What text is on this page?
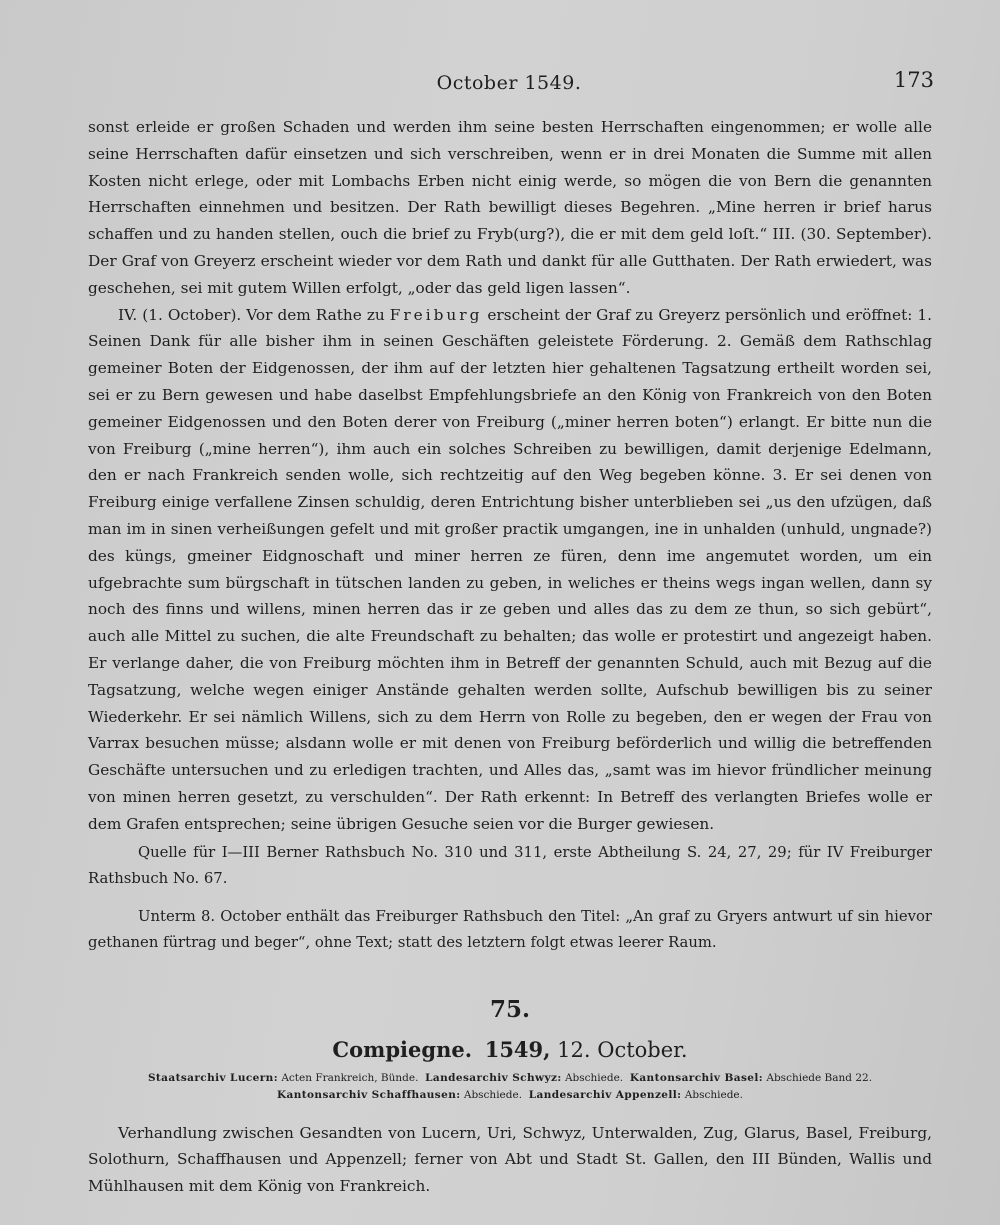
October 1549.	173

sonst erleide er großen Schaden und werden ihm seine besten Herrschaften eingenommen; er wolle alle seine Herrschaften dafür einsetzen und sich verschreiben, wenn er in drei Monaten die Summe mit allen Kosten nicht erlege, oder mit Lombachs Erben nicht einig werde, so mögen die von Bern die genannten Herrschaften einnehmen und besitzen. Der Rath bewilligt dieses Begehren. „Mine herren ir brief harus schaffen und zu handen stellen, ouch die brief zu Fryb(urg?), die er mit dem geld loſt.“ III. (30. September). Der Graf von Greyerz erscheint wieder vor dem Rath und dankt für alle Gutthaten. Der Rath erwiedert, was geschehen, sei mit gutem Willen erfolgt, „oder das geld ligen lassen“.

IV. (1. October). Vor dem Rathe zu Freiburg erscheint der Graf zu Greyerz persönlich und eröffnet: 1. Seinen Dank für alle bisher ihm in seinen Geschäften geleistete Förderung. 2. Gemäß dem Rathschlag gemeiner Boten der Eidgenossen, der ihm auf der letzten hier gehaltenen Tagsatzung ertheilt worden sei, sei er zu Bern gewesen und habe daselbst Empfehlungsbriefe an den König von Frankreich von den Boten gemeiner Eidgenossen und den Boten derer von Freiburg („miner herren boten“) erlangt. Er bitte nun die von Freiburg („mine herren“), ihm auch ein solches Schreiben zu bewilligen, damit derjenige Edelmann, den er nach Frankreich senden wolle, sich rechtzeitig auf den Weg begeben könne. 3. Er sei denen von Freiburg einige verfallene Zinsen schuldig, deren Entrichtung bisher unterblieben sei „us den ufzügen, daß man im in sinen verheißungen gefelt und mit großer practik umgangen, ine in unhalden (unhuld, ungnade?) des küngs, gmeiner Eidgnoschaft und miner herren ze füren, denn ime angemutet worden, um ein ufgebrachte sum bürgschaft in tütschen landen zu geben, in weliches er theins wegs ingan wellen, dann sy noch des finns und willens, minen herren das ir ze geben und alles das zu dem ze thun, so sich gebürt“, auch alle Mittel zu suchen, die alte Freundschaft zu behalten; das wolle er protestirt und angezeigt haben. Er verlange daher, die von Freiburg möchten ihm in Betreff der genannten Schuld, auch mit Bezug auf die Tagsatzung, welche wegen einiger Anstände gehalten werden sollte, Aufschub bewilligen bis zu seiner Wiederkehr. Er sei nämlich Willens, sich zu dem Herrn von Rolle zu begeben, den er wegen der Frau von Varrax besuchen müsse; alsdann wolle er mit denen von Freiburg beförderlich und willig die betreffenden Geschäfte untersuchen und zu erledigen trachten, und Alles das, „samt was im hievor fründlicher meinung von minen herren gesetzt, zu verschulden“. Der Rath erkennt: In Betreff des verlangten Briefes wolle er dem Grafen entsprechen; seine übrigen Gesuche seien vor die Burger gewiesen.

Quelle für I—III Berner Rathsbuch No. 310 und 311, erste Abtheilung S. 24, 27, 29; für IV Freiburger Rathsbuch No. 67.

Unterm 8. October enthält das Freiburger Rathsbuch den Titel: „An graf zu Gryers antwurt uf sin hievor gethanen fürtrag und beger“, ohne Text; statt des letztern folgt etwas leerer Raum.

75.
Compiegne. 1549, 12. October.
Staatsarchiv Lucern: Acten Frankreich, Bünde. Landesarchiv Schwyz: Abschiede. Kantonsarchiv Basel: Abschiede Band 22.
Kantonsarchiv Schaffhausen: Abschiede. Landesarchiv Appenzell: Abschiede.
Verhandlung zwischen Gesandten von Lucern, Uri, Schwyz, Unterwalden, Zug, Glarus, Basel, Freiburg, Solothurn, Schaffhausen und Appenzell; ferner von Abt und Stadt St. Gallen, den III Bünden, Wallis und Mühlhausen mit dem König von Frankreich.
